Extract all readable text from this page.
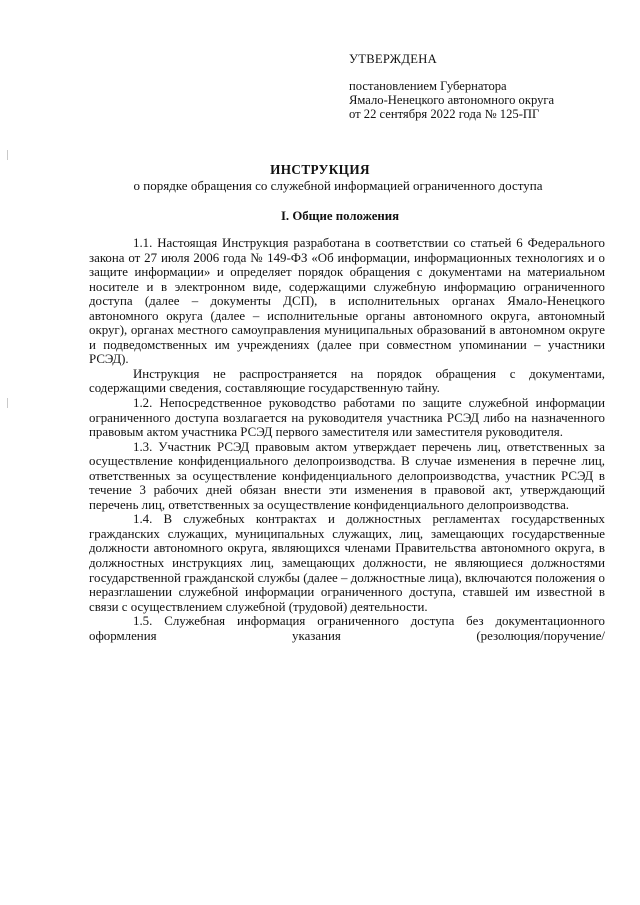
УТВЕРЖДЕНА
постановлением Губернатора
Ямало-Ненецкого автономного округа
от 22 сентября 2022 года № 125-ПГ
ИНСТРУКЦИЯ
о порядке обращения со служебной информацией ограниченного доступа
I. Общие положения

1.1. Настоящая Инструкция разработана в соответствии со статьей 6 Федерального закона от 27 июля 2006 года № 149-ФЗ «Об информации, информационных технологиях и о защите информации» и определяет порядок обращения с документами на материальном носителе и в электронном виде, содержащими служебную информацию ограниченного доступа (далее – документы ДСП), в исполнительных органах Ямало-Ненецкого автономного округа (далее – исполнительные органы автономного округа, автономный округ), органах местного самоуправления муниципальных образований в автономном округе и подведомственных им учреждениях (далее при совместном упоминании – участники РСЭД).

Инструкция не распространяется на порядок обращения с документами, содержащими сведения, составляющие государственную тайну.

1.2. Непосредственное руководство работами по защите служебной информации ограниченного доступа возлагается на руководителя участника РСЭД либо на назначенного правовым актом участника РСЭД первого заместителя или заместителя руководителя.

1.3. Участник РСЭД правовым актом утверждает перечень лиц, ответственных за осуществление конфиденциального делопроизводства. В случае изменения в перечне лиц, ответственных за осуществление конфиденциального делопроизводства, участник РСЭД в течение 3 рабочих дней обязан внести эти изменения в правовой акт, утверждающий перечень лиц, ответственных за осуществление конфиденциального делопроизводства.

1.4. В служебных контрактах и должностных регламентах государственных гражданских служащих, муниципальных служащих, лиц, замещающих государственные должности автономного округа, являющихся членами Правительства автономного округа, в должностных инструкциях лиц, замещающих должности, не являющиеся должностями государственной гражданской службы (далее – должностные лица), включаются положения о неразглашении служебной информации ограниченного доступа, ставшей им известной в связи с осуществлением служебной (трудовой) деятельности.

1.5. Служебная информация ограниченного доступа без документационного оформления указания (резолюция/поручение/
